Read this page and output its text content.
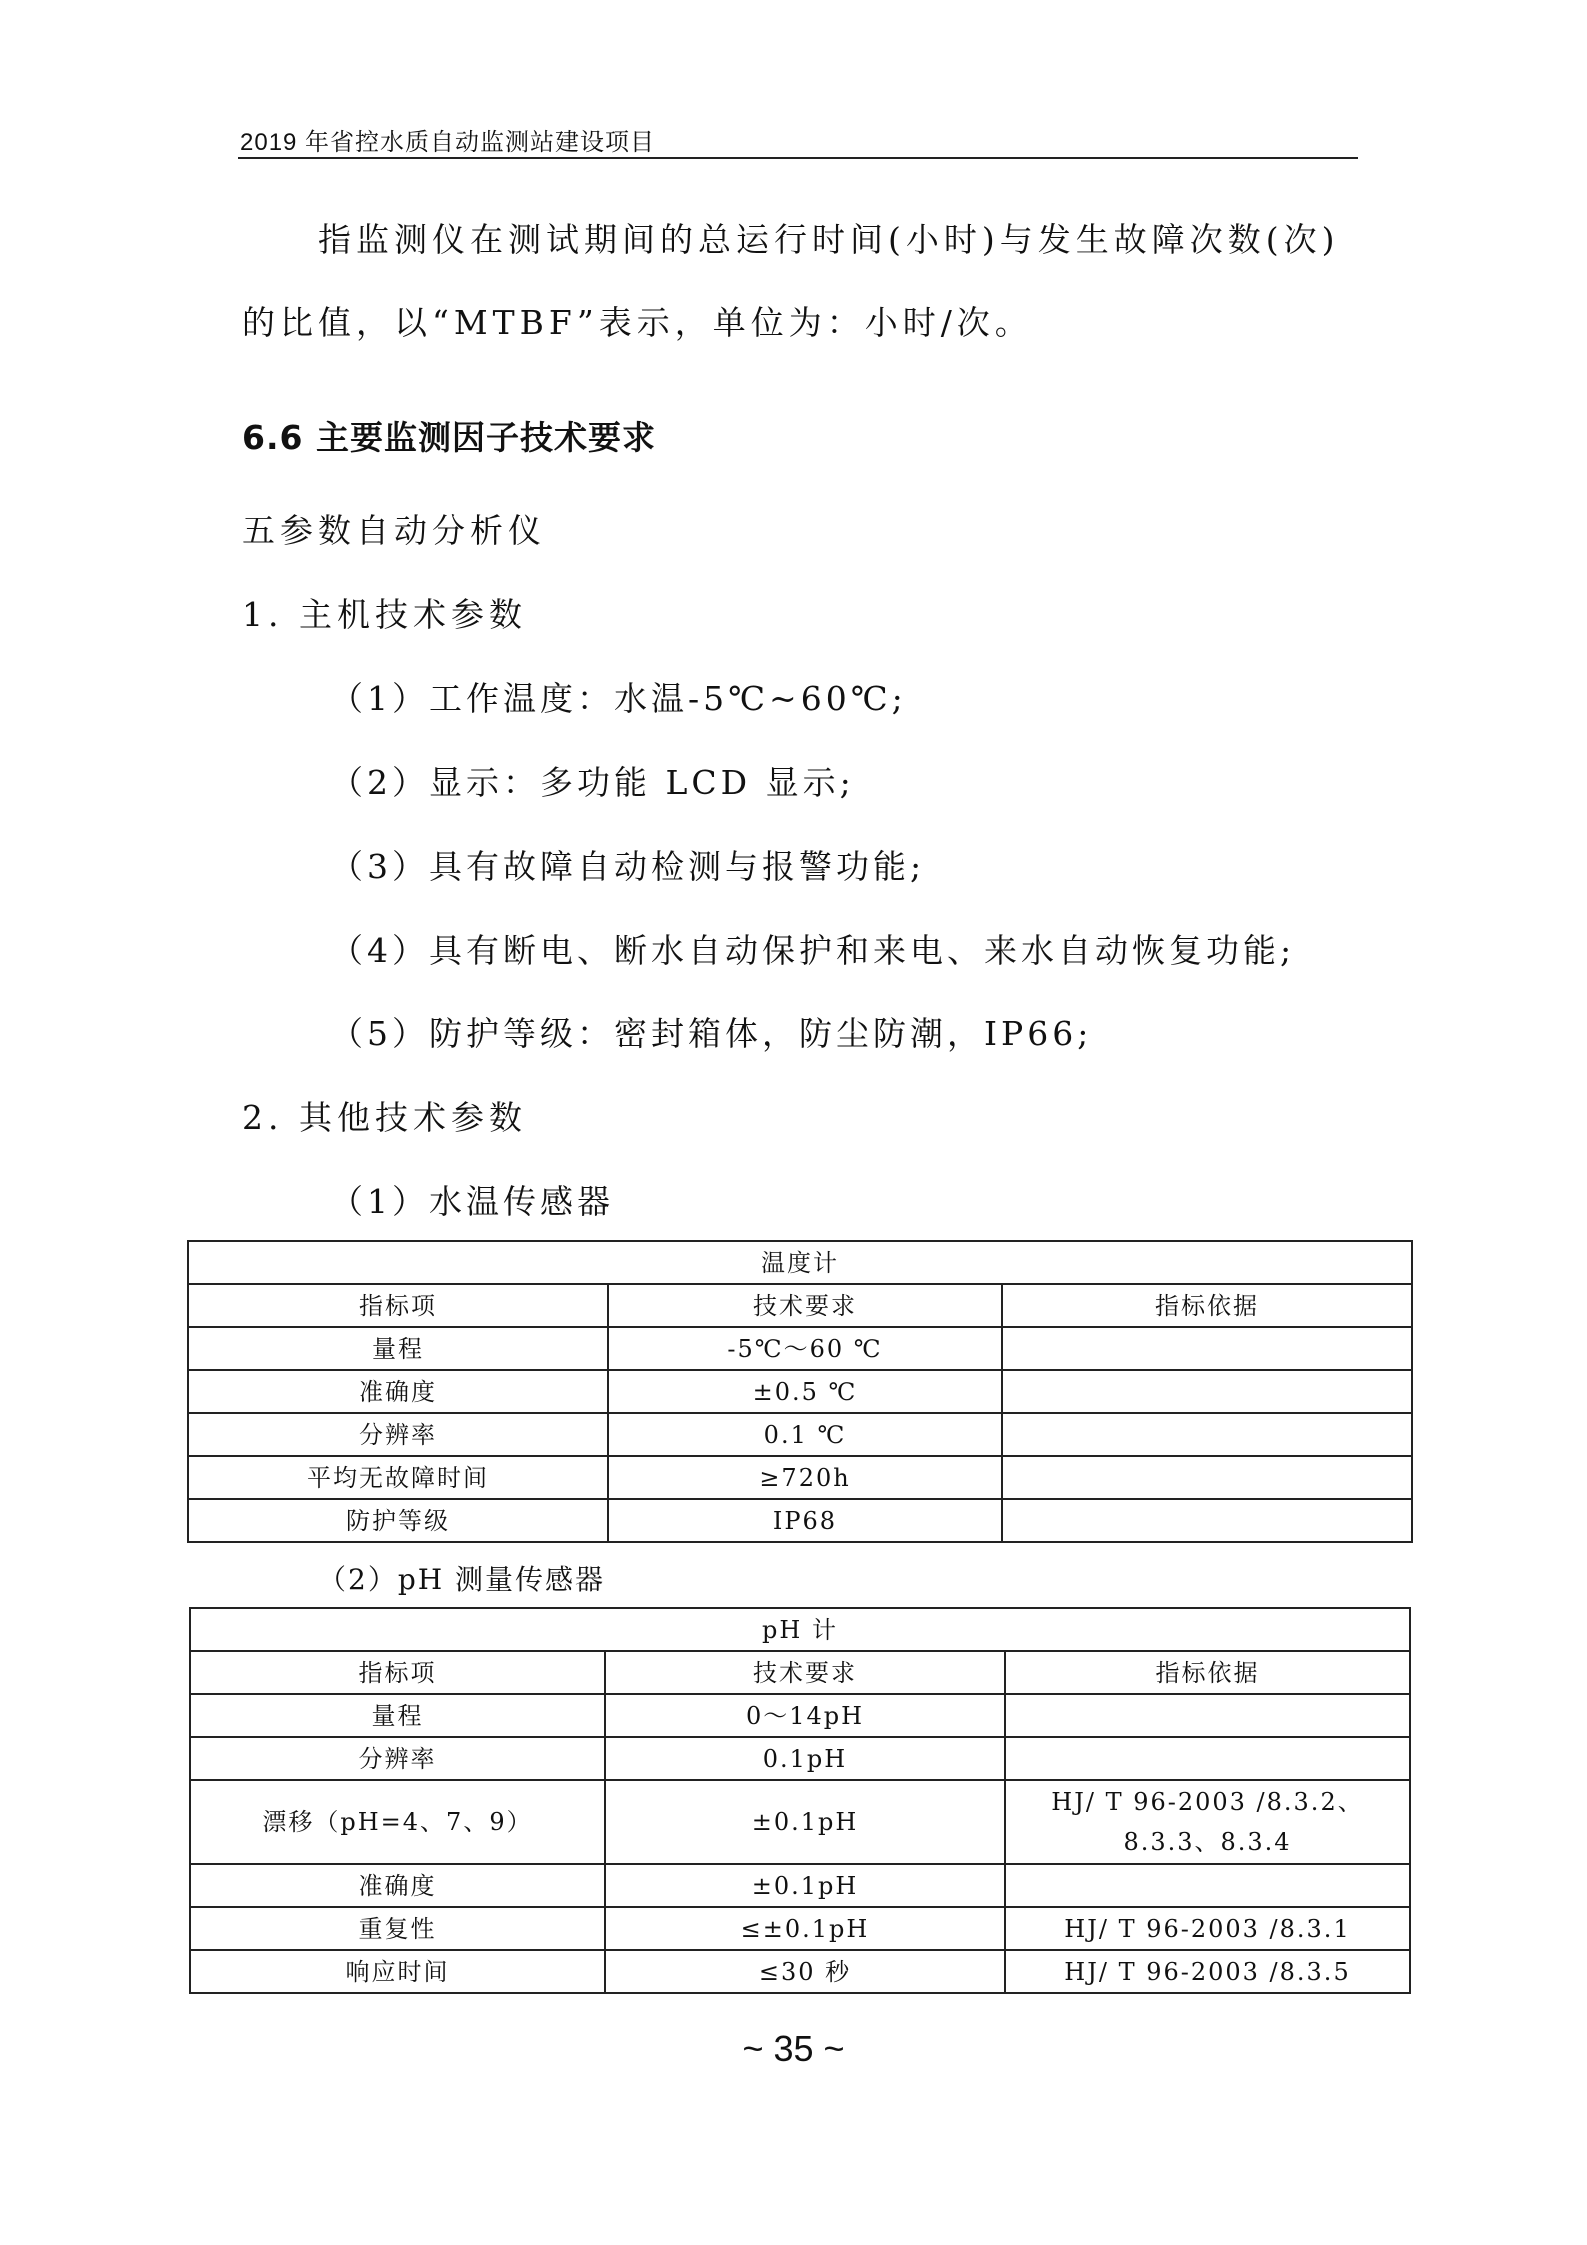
2019 年省控水质自动监测站建设项目
指监测仪在测试期间的总运行时间(小时)与发生故障次数(次)
的比值，以“MTBF”表示，单位为：小时/次。
6.6 主要监测因子技术要求
五参数自动分析仪
1. 主机技术参数
（1）工作温度：水温-5℃~60℃;
（2）显示：多功能 LCD 显示;
（3）具有故障自动检测与报警功能;
（4）具有断电、断水自动保护和来电、来水自动恢复功能;
（5）防护等级：密封箱体，防尘防潮，IP66;
2. 其他技术参数
（1）水温传感器
温度计		
指标项	技术要求	指标依据
量程	-5℃～60 ℃	
准确度	±0.5 ℃	
分辨率	0.1 ℃	
平均无故障时间	≥720h	
防护等级	IP68	
（2）pH 测量传感器
pH 计		
指标项	技术要求	指标依据
量程	0～14pH	
分辨率	0.1pH	
漂移（pH=4、7、9）	±0.1pH	HJ/ T 96-2003 /8.3.2、8.3.3、8.3.4
准确度	±0.1pH	
重复性	≤±0.1pH	HJ/ T 96-2003 /8.3.1
响应时间	≤30 秒	HJ/ T 96-2003 /8.3.5
~ 35 ~
